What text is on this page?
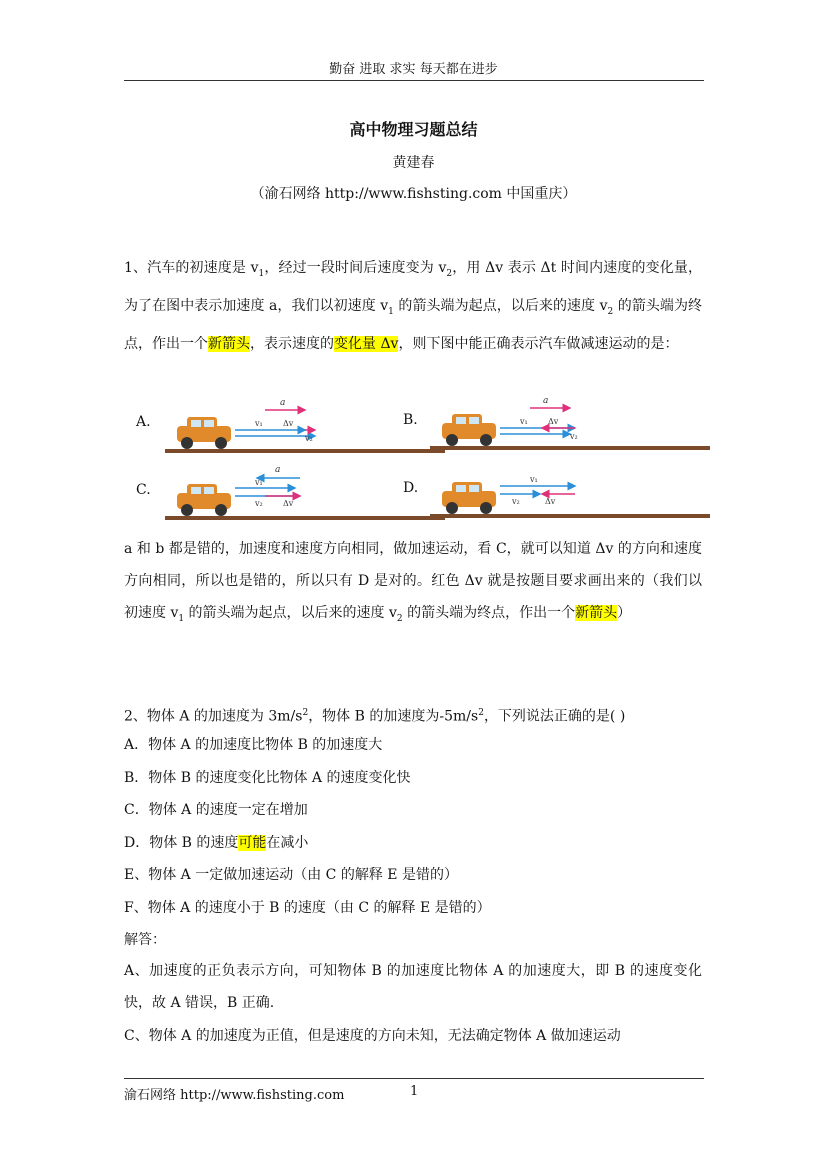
勤奋 进取 求实 每天都在进步
高中物理习题总结
黄建春
（渝石网络 http://www.fishsting.com 中国重庆）
1、汽车的初速度是 $v_1$，经过一段时间后速度变为 $v_2$，用 Δv 表示 Δt 时间内速度的变化量，为了在图中表示加速度 a，我们以初速度 $v_1$ 的箭头端为起点，以后来的速度 $v_2$ 的箭头端为终点，作出一个新箭头，表示速度的变化量 Δv，则下图中能正确表示汽车做减速运动的是：
A.	B.
C.	D.
a
v₁	Δv
v₂
a
v₁	Δv
v₂
a
v₁
v₂	Δv
v₁
v₂	Δv
a 和 b 都是错的，加速度和速度方向相同，做加速运动，看 C，就可以知道 Δv 的方向和速度方向相同，所以也是错的，所以只有 D 是对的。红色 Δv 就是按题目要求画出来的（我们以初速度 $v_1$ 的箭头端为起点，以后来的速度 $v_2$ 的箭头端为终点，作出一个新箭头）
2、物体 A 的加速度为 $3m/s^2$，物体 B 的加速度为$-5m/s^2$，下列说法正确的是( )
A．物体 A 的加速度比物体 B 的加速度大
B．物体 B 的速度变化比物体 A 的速度变化快
C．物体 A 的速度一定在增加
D．物体 B 的速度可能在减小
E、物体 A 一定做加速运动（由 C 的解释 E 是错的）
F、物体 A 的速度小于 B 的速度（由 C 的解释 E 是错的）
解答：
A、加速度的正负表示方向，可知物体 B 的加速度比物体 A 的加速度大，即 B 的速度变化快，故 A 错误，B 正确.
C、物体 A 的加速度为正值，但是速度的方向未知，无法确定物体 A 做加速运动
渝石网络 http://www.fishsting.com	1
